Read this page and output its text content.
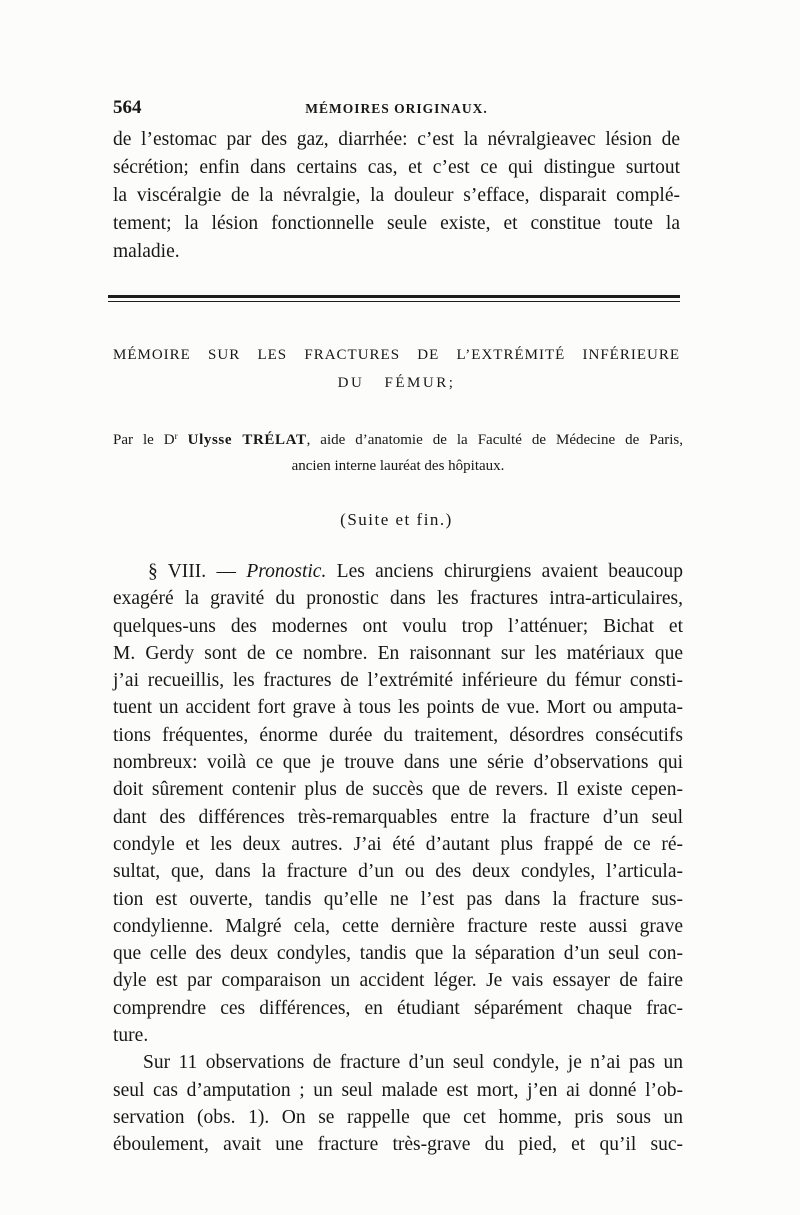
564	MÉMOIRES ORIGINAUX.
de l’estomac par des gaz, diarrhée: c’est la névralgieavec lésion de
sécrétion; enfin dans certains cas, et c’est ce qui distingue surtout
la viscéralgie de la névralgie, la douleur s’efface, disparait complé-
tement; la lésion fonctionnelle seule existe, et constitue toute la
maladie.
MÉMOIRE SUR LES FRACTURES DE L’EXTRÉMITÉ INFÉRIEURE
DU FÉMUR;
Par le $D^r$ Ulysse TRÉLAT, aide d’anatomie de la Faculté de Médecine de Paris,
ancien interne lauréat des hôpitaux.
(Suite et fin.)
§ VIII. — Pronostic. Les anciens chirurgiens avaient beaucoup
exagéré la gravité du pronostic dans les fractures intra-articulaires,
quelques-uns des modernes ont voulu trop l’atténuer; Bichat et
M. Gerdy sont de ce nombre. En raisonnant sur les matériaux que
j’ai recueillis, les fractures de l’extrémité inférieure du fémur consti-
tuent un accident fort grave à tous les points de vue. Mort ou amputa-
tions fréquentes, énorme durée du traitement, désordres consécutifs
nombreux: voilà ce que je trouve dans une série d’observations qui
doit sûrement contenir plus de succès que de revers. Il existe cepen-
dant des différences très-remarquables entre la fracture d’un seul
condyle et les deux autres. J’ai été d’autant plus frappé de ce ré-
sultat, que, dans la fracture d’un ou des deux condyles, l’articula-
tion est ouverte, tandis qu’elle ne l’est pas dans la fracture sus-
condylienne. Malgré cela, cette dernière fracture reste aussi grave
que celle des deux condyles, tandis que la séparation d’un seul con-
dyle est par comparaison un accident léger. Je vais essayer de faire
comprendre ces différences, en étudiant séparément chaque frac-
ture.
Sur 11 observations de fracture d’un seul condyle, je n’ai pas un
seul cas d’amputation ; un seul malade est mort, j’en ai donné l’ob-
servation (obs. 1). On se rappelle que cet homme, pris sous un
éboulement, avait une fracture très-grave du pied, et qu’il suc-
